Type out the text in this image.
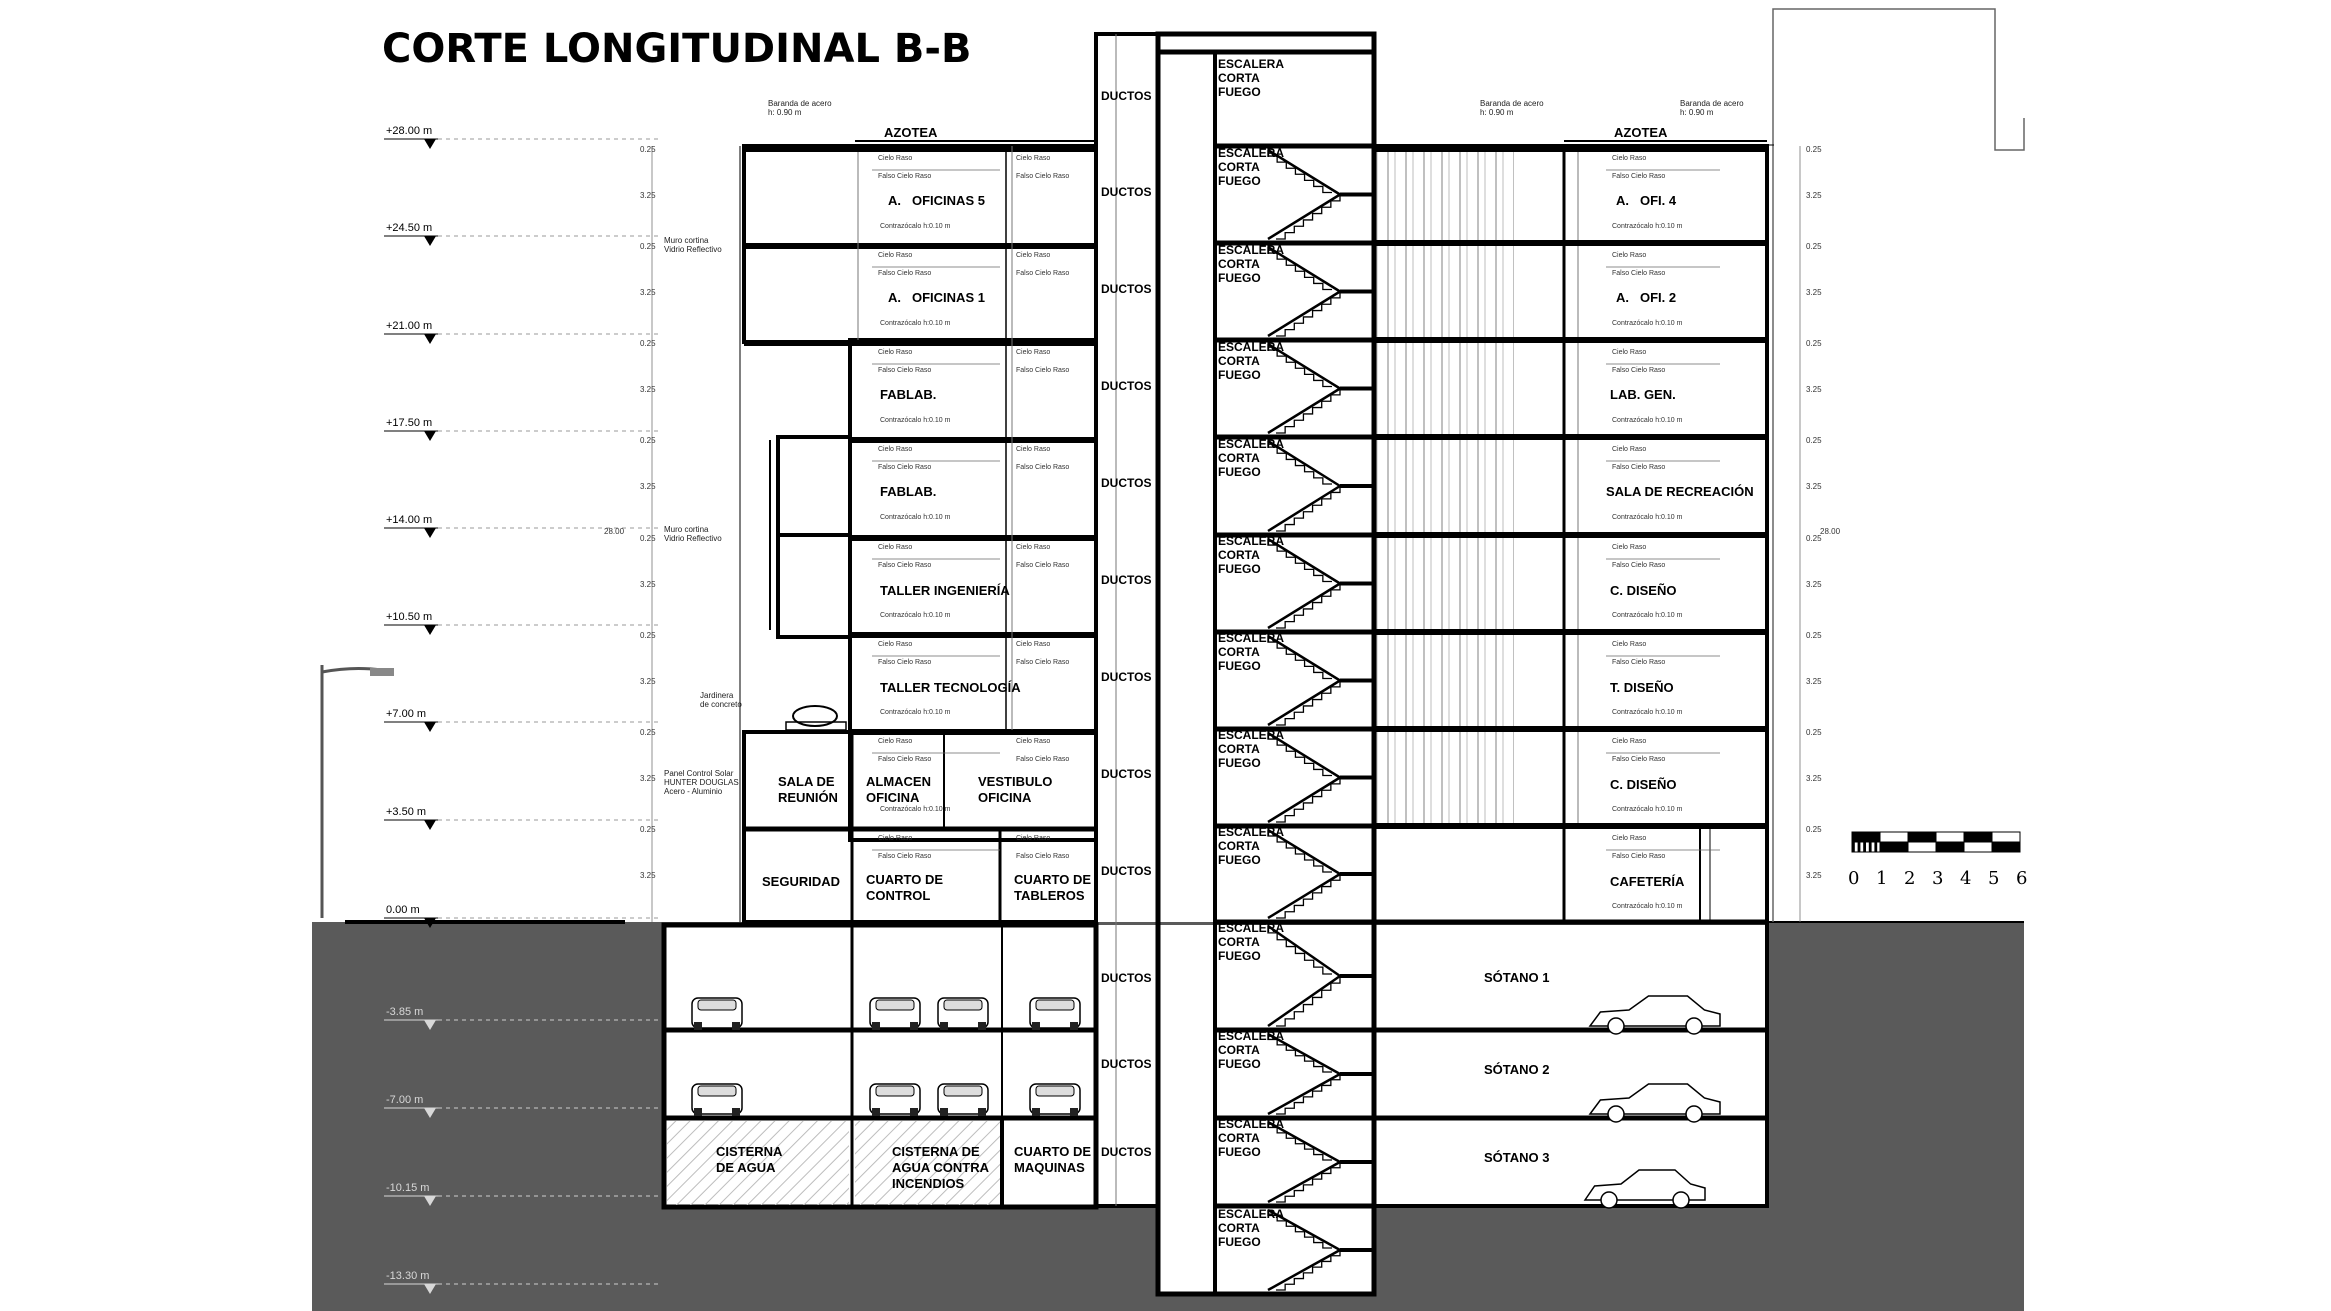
CORTE LONGITUDINAL B-B
+28.00 m
+24.50 m
+21.00 m
+17.50 m
+14.00 m
+10.50 m
+7.00 m
+3.50 m
0.00 m
-3.85 m
-7.00 m
-10.15 m
-13.30 m
A. OFICINAS 5
A. OFICINAS 1
FABLAB.
FABLAB.
TALLER INGENIERÍA
TALLER TECNOLOGÍA
SALA DE REUNIÓN
ALMACEN OFICINA
VESTIBULO OFICINA
SEGURIDAD CUARTO DE CONTROL
CUARTO DE TABLEROS
A. OFI. 4
A. OFI. 2
LAB. GEN.
SALA DE RECREACIÓN
C. DISEÑO
T. DISEÑO
C. DISEÑO
CAFETERÍA
AZOTEA	AZOTEA
SÓTANO 1
SÓTANO 2
SÓTANO 3
CISTERNA DE AGUA
CISTERNA DE AGUA CONTRA INCENDIOS
CUARTO DE MAQUINAS
DUCTOS
DUCTOS
DUCTOS
DUCTOS
DUCTOS
DUCTOS
DUCTOS
DUCTOS
DUCTOS
DUCTOS
DUCTOS
DUCTOS
ESCALERA
CORTA
FUEGO
ESCALERA
CORTA
FUEGO
ESCALERA
CORTA
FUEGO
ESCALERA
CORTA
FUEGO
ESCALERA
CORTA
FUEGO
ESCALERA
CORTA
FUEGO
ESCALERA
CORTA
FUEGO
ESCALERA
CORTA
FUEGO
ESCALERA
CORTA
FUEGO
ESCALERA
CORTA
FUEGO
ESCALERA
CORTA
FUEGO
ESCALERA
CORTA
FUEGO
ESCALERA
CORTA
FUEGO
Cielo Raso
Falso Cielo Raso
Cielo Raso
Falso Cielo Raso
Contrazócalo h:0.10 m
Cielo Raso
Falso Cielo Raso
Contrazócalo h:0.10 m
Cielo Raso
Falso Cielo Raso
Cielo Raso
Falso Cielo Raso
Contrazócalo h:0.10 m
Cielo Raso
Falso Cielo Raso
Contrazócalo h:0.10 m
Cielo Raso
Falso Cielo Raso
Cielo Raso
Falso Cielo Raso
Contrazócalo h:0.10 m
Cielo Raso
Falso Cielo Raso
Contrazócalo h:0.10 m
Cielo Raso
Falso Cielo Raso
Cielo Raso
Falso Cielo Raso
Contrazócalo h:0.10 m
Cielo Raso
Falso Cielo Raso
Contrazócalo h:0.10 m
Cielo Raso
Falso Cielo Raso
Cielo Raso
Falso Cielo Raso
Contrazócalo h:0.10 m
Cielo Raso
Falso Cielo Raso
Contrazócalo h:0.10 m
Cielo Raso
Falso Cielo Raso
Cielo Raso
Falso Cielo Raso
Contrazócalo h:0.10 m
Cielo Raso
Falso Cielo Raso
Contrazócalo h:0.10 m
Cielo Raso
Falso Cielo Raso
Cielo Raso
Falso Cielo Raso
Contrazócalo h:0.10 m
Cielo Raso
Falso Cielo Raso
Contrazócalo h:0.10 m
Cielo Raso
Falso Cielo Raso
Cielo Raso
Falso Cielo Raso
Cielo Raso
Falso Cielo Raso
Contrazócalo h:0.10 m
0.25
3.25
0.25
3.25
0.25
3.25
0.25
3.25
0.25
3.25
0.25
3.25
0.25
3.25
0.25
3.25
0.25
3.25
0.25
3.25
0.25
3.25
0.25
3.25
0.25
3.25
0.25
3.25
0.25
3.25
0.25
3.25
28.00	28.00
Baranda de acero h: 0.90 m
Baranda de acero h: 0.90 m
Baranda de acero h: 0.90 m
Muro cortina Vidrio Reflectivo
Muro cortina Vidrio Reflectivo
Jardinera de concreto
Panel Control Solar HUNTER DOUGLAS Acero - Aluminio
0 1 2 3 4 5 6
